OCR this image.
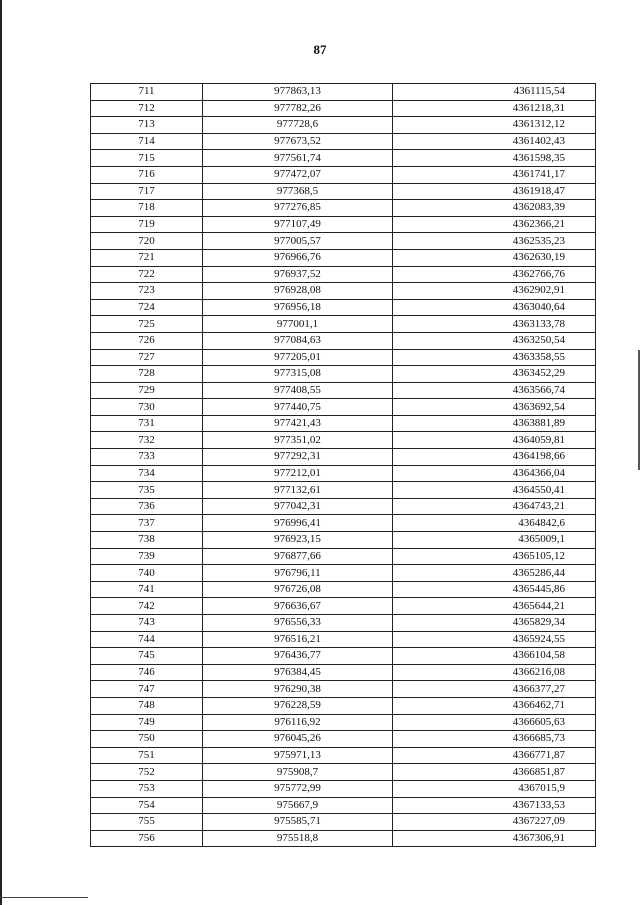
87
711	977863,13	4361115,54
712	977782,26	4361218,31
713	977728,6	4361312,12
714	977673,52	4361402,43
715	977561,74	4361598,35
716	977472,07	4361741,17
717	977368,5	4361918,47
718	977276,85	4362083,39
719	977107,49	4362366,21
720	977005,57	4362535,23
721	976966,76	4362630,19
722	976937,52	4362766,76
723	976928,08	4362902,91
724	976956,18	4363040,64
725	977001,1	4363133,78
726	977084,63	4363250,54
727	977205,01	4363358,55
728	977315,08	4363452,29
729	977408,55	4363566,74
730	977440,75	4363692,54
731	977421,43	4363881,89
732	977351,02	4364059,81
733	977292,31	4364198,66
734	977212,01	4364366,04
735	977132,61	4364550,41
736	977042,31	4364743,21
737	976996,41	4364842,6
738	976923,15	4365009,1
739	976877,66	4365105,12
740	976796,11	4365286,44
741	976726,08	4365445,86
742	976636,67	4365644,21
743	976556,33	4365829,34
744	976516,21	4365924,55
745	976436,77	4366104,58
746	976384,45	4366216,08
747	976290,38	4366377,27
748	976228,59	4366462,71
749	976116,92	4366605,63
750	976045,26	4366685,73
751	975971,13	4366771,87
752	975908,7	4366851,87
753	975772,99	4367015,9
754	975667,9	4367133,53
755	975585,71	4367227,09
756	975518,8	4367306,91
